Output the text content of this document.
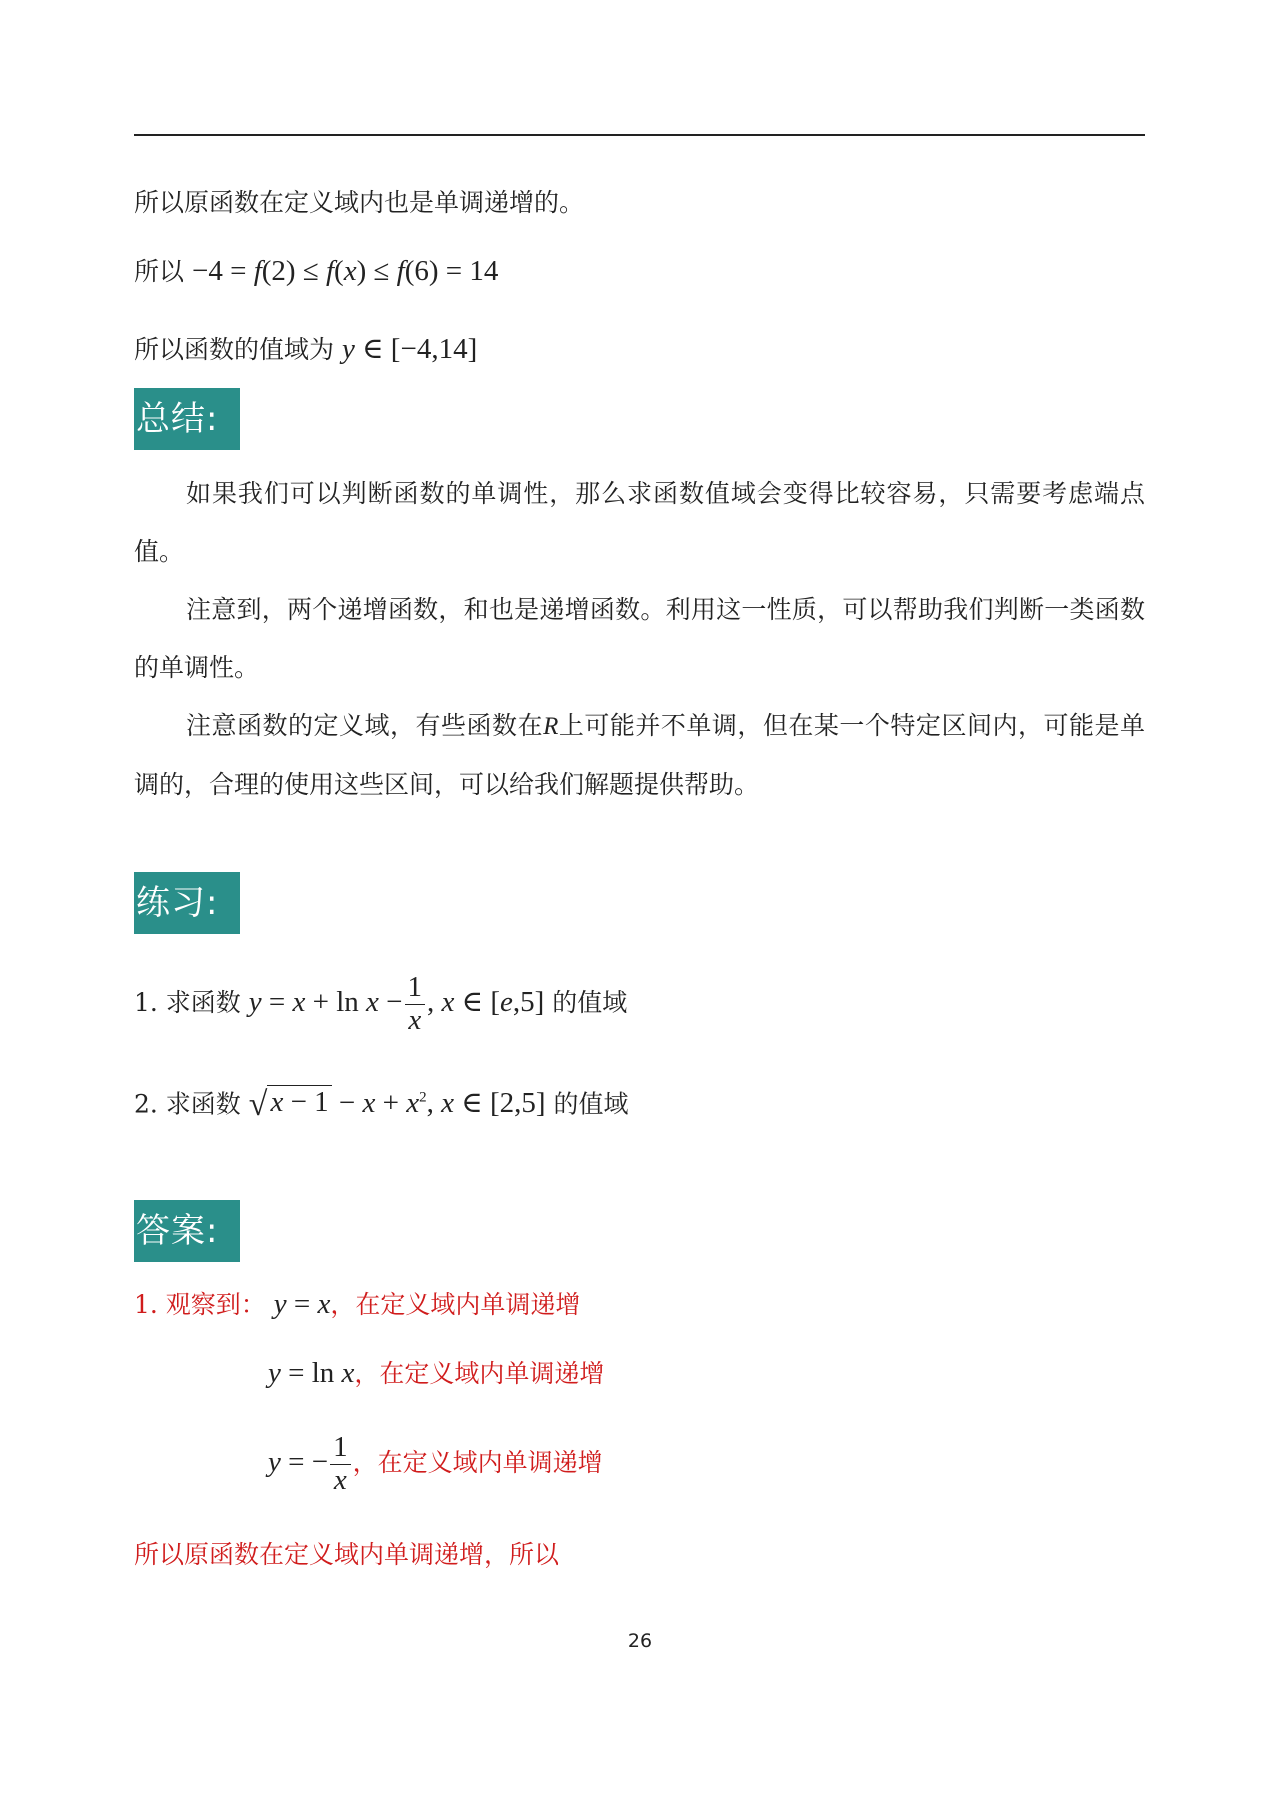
所以原函数在定义域内也是单调递增的。
所以 −4 = f(2) ≤ f(x) ≤ f(6) = 14
所以函数的值域为 y ∈ [−4,14]
总结:
如果我们可以判断函数的单调性，那么求函数值域会变得比较容易，只需要考虑端点值。
注意到，两个递增函数，和也是递增函数。利用这一性质，可以帮助我们判断一类函数的单调性。
注意函数的定义域，有些函数在R上可能并不单调，但在某一个特定区间内，可能是单调的，合理的使用这些区间，可以给我们解题提供帮助。
练习:
1. 求函数 $y = x + \ln x - \frac{1}{x}$ , x ∈ [e,5] 的值域
2. 求函数 √ $x - 1 - x + x^2$, x ∈ [2,5] 的值域
答案:
1. 观察到： y = x，在定义域内单调递增
y = ln x，在定义域内单调递增
y = − $\frac{1}{x}$ ，在定义域内单调递增
所以原函数在定义域内单调递增，所以
26
